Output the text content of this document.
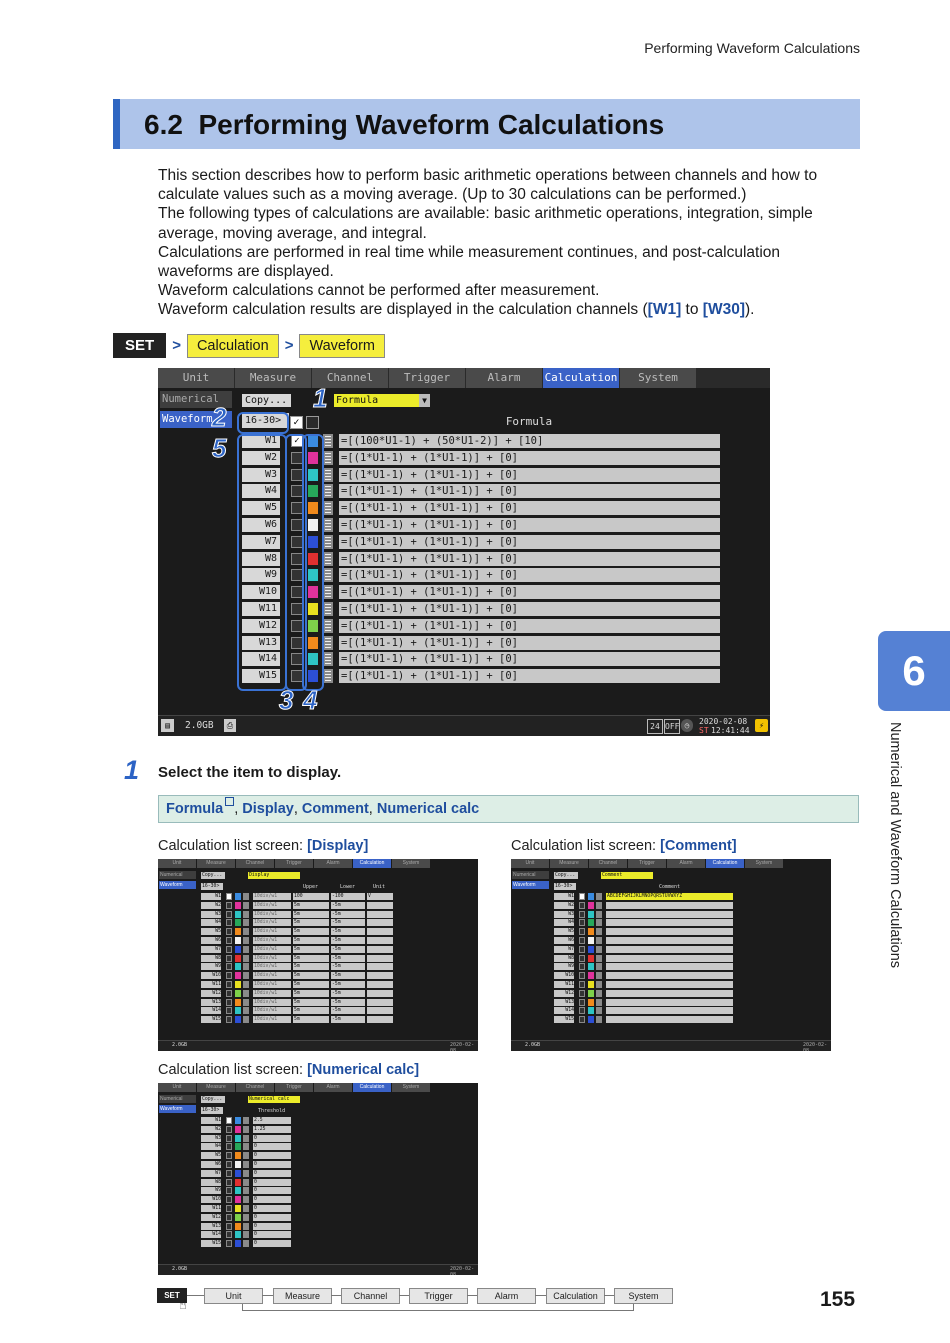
Performing Waveform Calculations
6.2 Performing Waveform Calculations

This section describes how to perform basic arithmetic operations between channels and how to calculate values such as a moving average. (Up to 30 calculations can be performed.)

The following types of calculations are available: basic arithmetic operations, integration, simple average, moving average, and integral.

Calculations are performed in real time while measurement continues, and post-calculation waveforms are displayed.

Waveform calculations cannot be performed after measurement.

Waveform calculation results are displayed in the calculation channels ([W1] to [W30]).

SET	>	Calculation	>	Waveform
Unit	Measure	Channel	Trigger	Alarm	Calculation	System
Numerical
Waveform
Copy...	Formula	▼
16-30>	✓	Formula
W1	✓	=[(100*U1-1) + (50*U1-2)] + [10]
W2	=[(1*U1-1) + (1*U1-1)] + [0]
W3	=[(1*U1-1) + (1*U1-1)] + [0]
W4	=[(1*U1-1) + (1*U1-1)] + [0]
W5	=[(1*U1-1) + (1*U1-1)] + [0]
W6	=[(1*U1-1) + (1*U1-1)] + [0]
W7	=[(1*U1-1) + (1*U1-1)] + [0]
W8	=[(1*U1-1) + (1*U1-1)] + [0]
W9	=[(1*U1-1) + (1*U1-1)] + [0]
W10	=[(1*U1-1) + (1*U1-1)] + [0]
W11	=[(1*U1-1) + (1*U1-1)] + [0]
W12	=[(1*U1-1) + (1*U1-1)] + [0]
W13	=[(1*U1-1) + (1*U1-1)] + [0]
W14	=[(1*U1-1) + (1*U1-1)] + [0]
W15	=[(1*U1-1) + (1*U1-1)] + [0]
1
2
5
3 4
▤	2.0GB	⎙	24 OFF ◷	2020-02-08
ST 12:41:44
⚡
1 Select the item to display.
Formula , Display, Comment, Numerical calc
Calculation list screen: [Display]	Calculation list screen: [Comment]
Calculation list screen: [Numerical calc]
Unit	Measure	Channel	Trigger	Alarm	Calculation	System
Numerical
Waveform
Copy...	Display
16-30>	Upper	Lower	Unit
W1	10div/w1	100	-100	V
W2	10div/w1	5m	-5m
W3	10div/w1	5m	-5m
W4	10div/w1	5m	-5m
W5	10div/w1	5m	-5m
W6	10div/w1	5m	-5m
W7	10div/w1	5m	-5m
W8	10div/w1	5m	-5m
W9	10div/w1	5m	-5m
W10	10div/w1	5m	-5m
W11	10div/w1	5m	-5m
W12	10div/w1	5m	-5m
W13	10div/w1	5m	-5m
W14	10div/w1	5m	-5m
W15	10div/w1	5m	-5m
2.0GB	2020-02-08
Unit	Measure	Channel	Trigger	Alarm	Calculation	System
Numerical
Waveform
Copy...	Comment
16-30>	Comment
W1	ABCDEFGHIJKLMNOPQRSTUVWXYZ
W2
W3
W4
W5
W6
W7
W8
W9
W10
W11
W12
W13
W14
W15
2.0GB	2020-02-08
Unit	Measure	Channel	Trigger	Alarm	Calculation	System
Numerical
Waveform
Copy...	Numerical calc
16-30>	Threshold
W1	2.5
W2	1.25
W3	0
W4	0
W5	0
W6	0
W7	0
W8	0
W9	0
W10	0
W11	0
W12	0
W13	0
W14	0
W15	0
2.0GB	2020-02-08
SET
☝
Unit	Measure	Channel	Trigger	Alarm	Calculation	System	155
6
Numerical and Waveform Calculations
